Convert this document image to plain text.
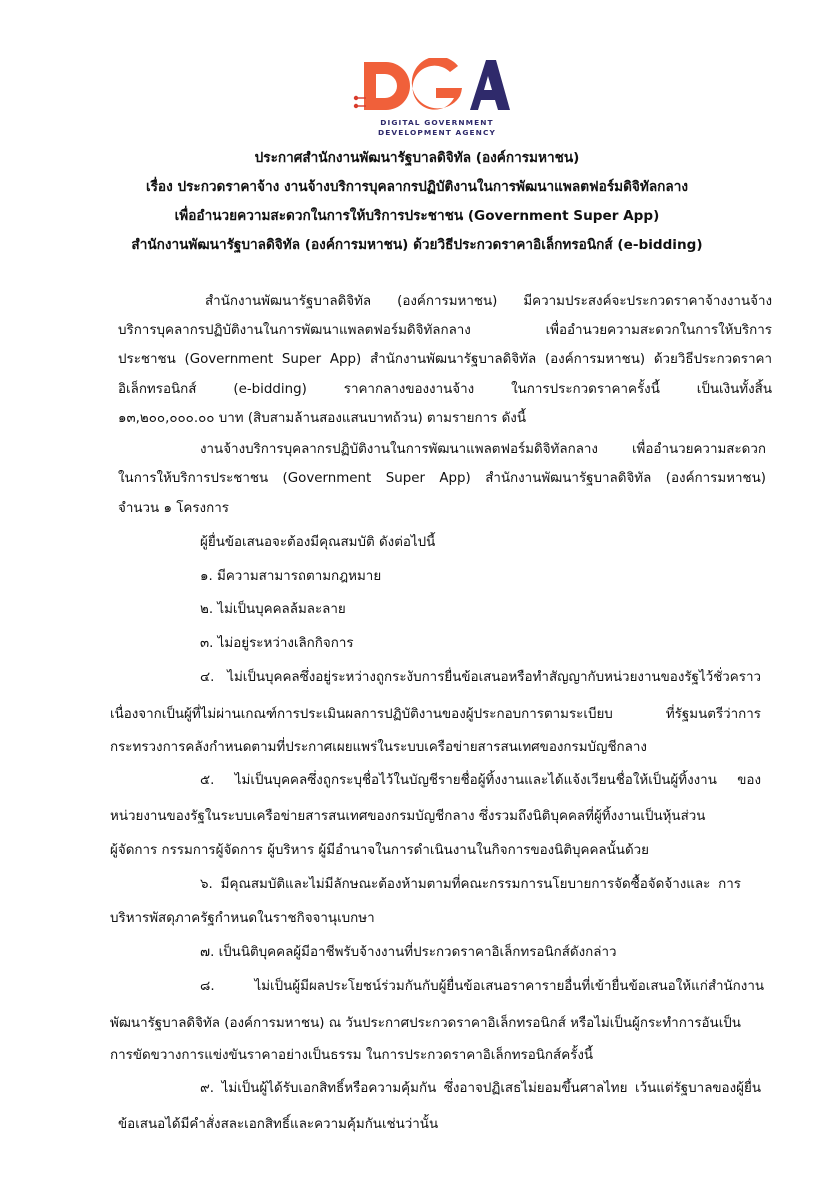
DIGITAL GOVERNMENT
DEVELOPMENT AGENCY
ประกาศสำนักงานพัฒนารัฐบาลดิจิทัล (องค์การมหาชน)
เรื่อง ประกวดราคาจ้าง งานจ้างบริการบุคลากรปฏิบัติงานในการพัฒนาแพลตฟอร์มดิจิทัลกลาง
เพื่ออำนวยความสะดวกในการให้บริการประชาชน (Government Super App)
สำนักงานพัฒนารัฐบาลดิจิทัล (องค์การมหาชน) ด้วยวิธีประกวดราคาอิเล็กทรอนิกส์ (e-bidding)
สำนักงานพัฒนารัฐบาลดิจิทัล (องค์การมหาชน) มีความประสงค์จะประกวดราคาจ้างงานจ้าง
บริการบุคลากรปฏิบัติงานในการพัฒนาแพลตฟอร์มดิจิทัลกลาง เพื่ออำนวยความสะดวกในการให้บริการ
ประชาชน (Government Super App) สำนักงานพัฒนารัฐบาลดิจิทัล (องค์การมหาชน) ด้วยวิธีประกวดราคา
อิเล็กทรอนิกส์ (e-bidding) ราคากลางของงานจ้าง ในการประกวดราคาครั้งนี้ เป็นเงินทั้งสิ้น
๑๓,๒๐๐,๐๐๐.๐๐ บาท (สิบสามล้านสองแสนบาทถ้วน) ตามรายการ ดังนี้
งานจ้างบริการบุคลากรปฏิบัติงานในการพัฒนาแพลตฟอร์มดิจิทัลกลาง เพื่ออำนวยความสะดวก
ในการให้บริการประชาชน (Government Super App) สำนักงานพัฒนารัฐบาลดิจิทัล (องค์การมหาชน)
จำนวน ๑ โครงการ
ผู้ยื่นข้อเสนอจะต้องมีคุณสมบัติ ดังต่อไปนี้
๑. มีความสามารถตามกฎหมาย
๒. ไม่เป็นบุคคลล้มละลาย
๓. ไม่อยู่ระหว่างเลิกกิจการ
๔. ไม่เป็นบุคคลซึ่งอยู่ระหว่างถูกระงับการยื่นข้อเสนอหรือทำสัญญากับหน่วยงานของรัฐไว้ชั่วคราว
เนื่องจากเป็นผู้ที่ไม่ผ่านเกณฑ์การประเมินผลการปฏิบัติงานของผู้ประกอบการตามระเบียบ ที่รัฐมนตรีว่าการ
กระทรวงการคลังกำหนดตามที่ประกาศเผยแพร่ในระบบเครือข่ายสารสนเทศของกรมบัญชีกลาง
๕. ไม่เป็นบุคคลซึ่งถูกระบุชื่อไว้ในบัญชีรายชื่อผู้ทิ้งงานและได้แจ้งเวียนชื่อให้เป็นผู้ทิ้งงาน ของ
หน่วยงานของรัฐในระบบเครือข่ายสารสนเทศของกรมบัญชีกลาง ซึ่งรวมถึงนิติบุคคลที่ผู้ทิ้งงานเป็นหุ้นส่วน
ผู้จัดการ กรรมการผู้จัดการ ผู้บริหาร ผู้มีอำนาจในการดำเนินงานในกิจการของนิติบุคคลนั้นด้วย
๖. มีคุณสมบัติและไม่มีลักษณะต้องห้ามตามที่คณะกรรมการนโยบายการจัดซื้อจัดจ้างและ การ
บริหารพัสดุภาครัฐกำหนดในราชกิจจานุเบกษา
๗. เป็นนิติบุคคลผู้มีอาชีพรับจ้างงานที่ประกวดราคาอิเล็กทรอนิกส์ดังกล่าว
๘. ไม่เป็นผู้มีผลประโยชน์ร่วมกันกับผู้ยื่นข้อเสนอราคารายอื่นที่เข้ายื่นข้อเสนอให้แก่สำนักงาน
พัฒนารัฐบาลดิจิทัล (องค์การมหาชน) ณ วันประกาศประกวดราคาอิเล็กทรอนิกส์ หรือไม่เป็นผู้กระทำการอันเป็น
การขัดขวางการแข่งขันราคาอย่างเป็นธรรม ในการประกวดราคาอิเล็กทรอนิกส์ครั้งนี้
๙. ไม่เป็นผู้ได้รับเอกสิทธิ์หรือความคุ้มกัน ซึ่งอาจปฏิเสธไม่ยอมขึ้นศาลไทย เว้นแต่รัฐบาลของผู้ยื่น
ข้อเสนอได้มีคำสั่งสละเอกสิทธิ์และความคุ้มกันเช่นว่านั้น
